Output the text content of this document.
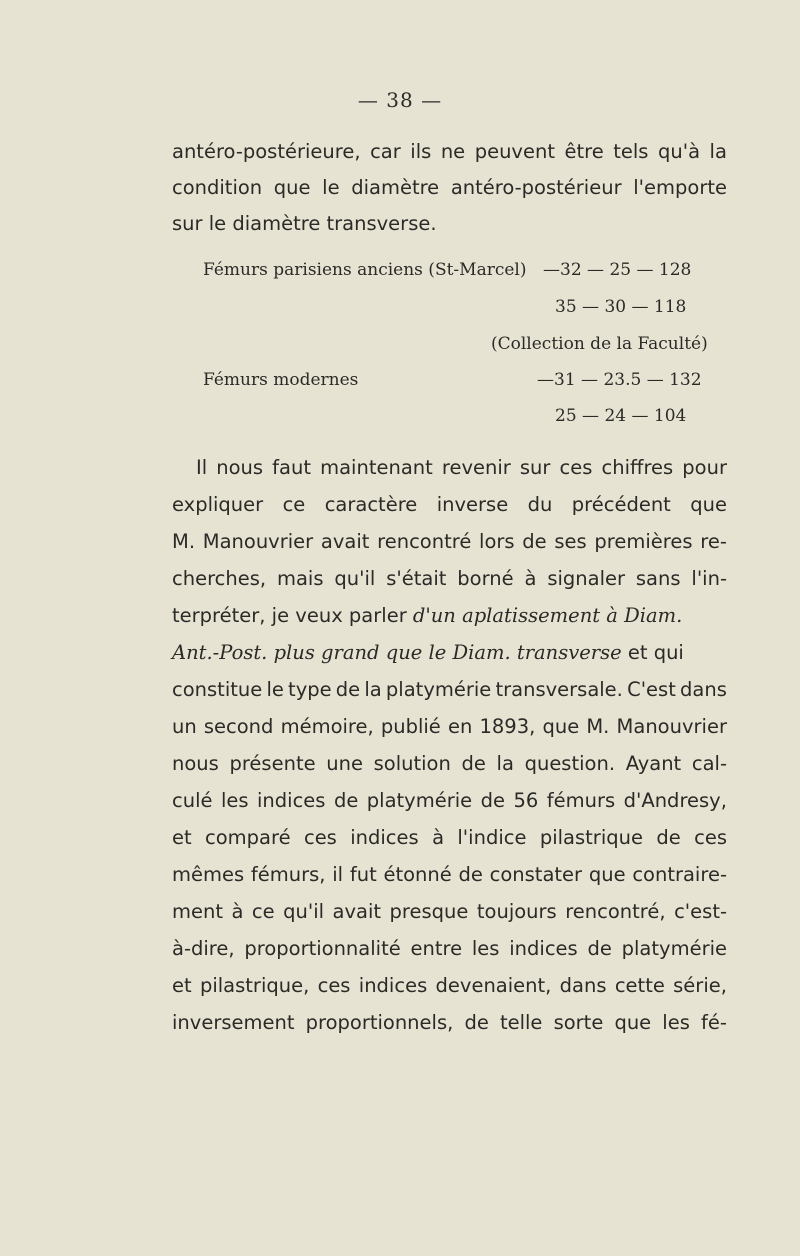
— 38 —
antéro-postérieure, car ils ne peuvent être tels qu'à la
condition que le diamètre antéro-postérieur l'emporte
sur le diamètre transverse.
Fémurs parisiens anciens (St-Marcel) —32 — 25 — 128
35 — 30 — 118
(Collection de la Faculté)
Fémurs modernes	—31 — 23.5 — 132
25 — 24 — 104
Il nous faut maintenant revenir sur ces chiffres pour
expliquer ce caractère inverse du précédent que
M. Manouvrier avait rencontré lors de ses premières re-
cherches, mais qu'il s'était borné à signaler sans l'in-
terpréter, je veux parler d'un aplatissement à Diam.
Ant.-Post. plus grand que le Diam. transverse et qui
constitue le type de la platymérie transversale. C'est dans
un second mémoire, publié en 1893, que M. Manouvrier
nous présente une solution de la question. Ayant cal-
culé les indices de platymérie de 56 fémurs d'Andresy,
et comparé ces indices à l'indice pilastrique de ces
mêmes fémurs, il fut étonné de constater que contraire-
ment à ce qu'il avait presque toujours rencontré, c'est-
à-dire, proportionnalité entre les indices de platymérie
et pilastrique, ces indices devenaient, dans cette série,
inversement proportionnels, de telle sorte que les fé-
